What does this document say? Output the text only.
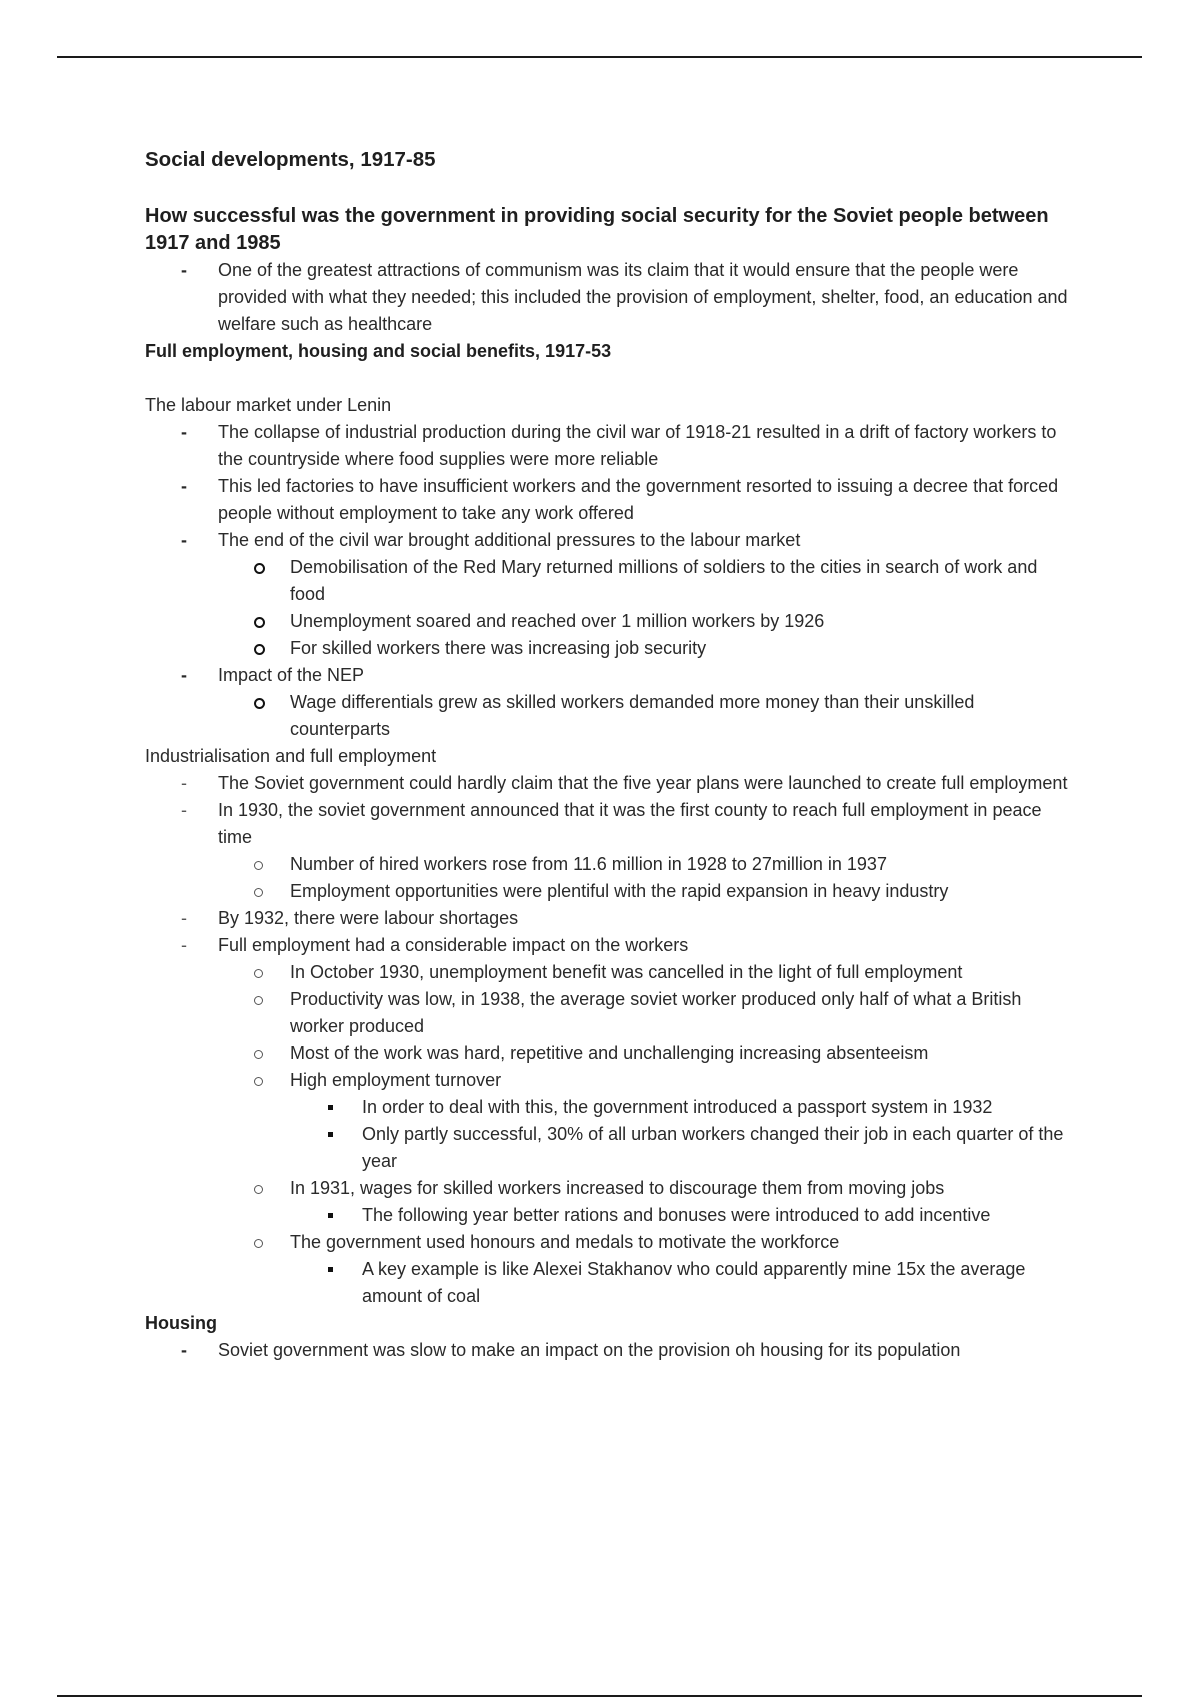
Social developments, 1917-85
How successful was the government in providing social security for the Soviet people between 1917 and 1985
- One of the greatest attractions of communism was its claim that it would ensure that the people were provided with what they needed; this included the provision of employment, shelter, food, an education and welfare such as healthcare
Full employment, housing and social benefits, 1917-53
The labour market under Lenin
- The collapse of industrial production during the civil war of 1918-21 resulted in a drift of factory workers to the countryside where food supplies were more reliable
- This led factories to have insufficient workers and the government resorted to issuing a decree that forced people without employment to take any work offered
- The end of the civil war brought additional pressures to the labour market
Demobilisation of the Red Mary returned millions of soldiers to the cities in search of work and food
Unemployment soared and reached over 1 million workers by 1926
For skilled workers there was increasing job security
- Impact of the NEP
Wage differentials grew as skilled workers demanded more money than their unskilled counterparts
Industrialisation and full employment
- The Soviet government could hardly claim that the five year plans were launched to create full employment
- In 1930, the soviet government announced that it was the first county to reach full employment in peace time
Number of hired workers rose from 11.6 million in 1928 to 27million in 1937
Employment opportunities were plentiful with the rapid expansion in heavy industry
- By 1932, there were labour shortages
- Full employment had a considerable impact on the workers
In October 1930, unemployment benefit was cancelled in the light of full employment
Productivity was low, in 1938, the average soviet worker produced only half of what a British worker produced
Most of the work was hard, repetitive and unchallenging increasing absenteeism
High employment turnover
In order to deal with this, the government introduced a passport system in 1932
Only partly successful, 30% of all urban workers changed their job in each quarter of the year
In 1931, wages for skilled workers increased to discourage them from moving jobs
The following year better rations and bonuses were introduced to add incentive
The government used honours and medals to motivate the workforce
A key example is like Alexei Stakhanov who could apparently mine 15x the average amount of coal
Housing
- Soviet government was slow to make an impact on the provision oh housing for its population
